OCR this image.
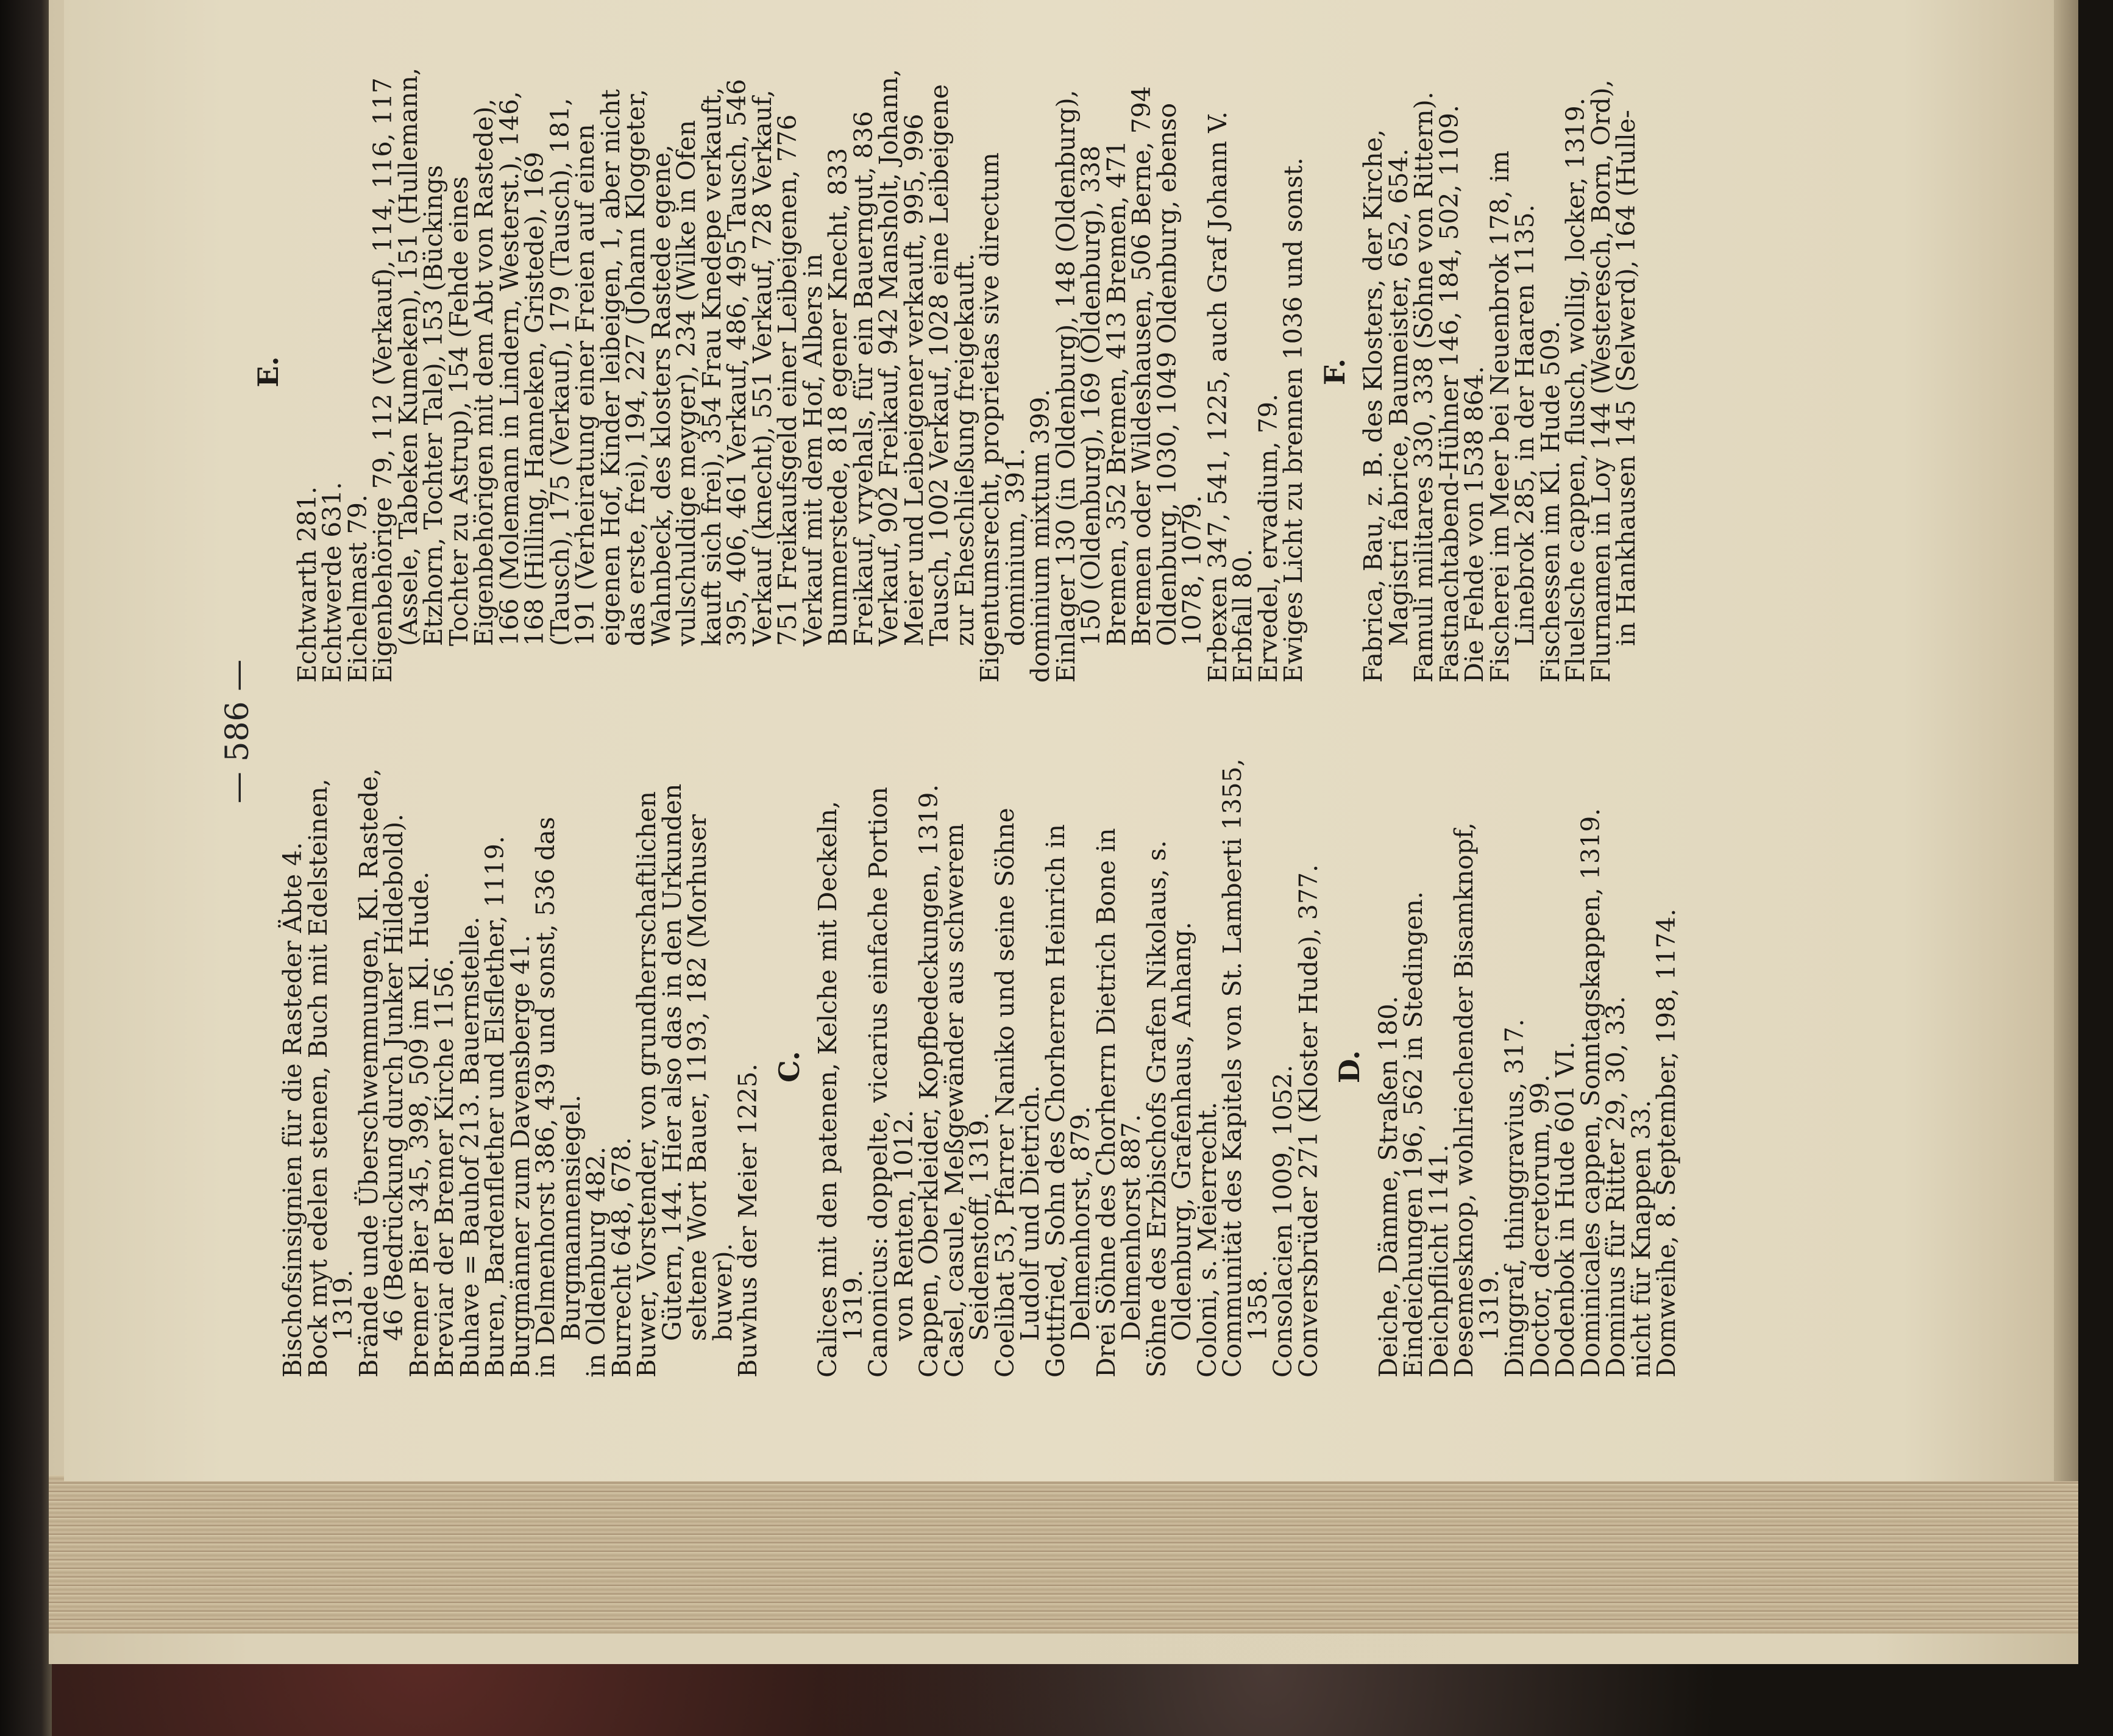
— 586 —

Bischofsinsignien für die Rasteder Äbte 4.

Bock myt edelen stenen, Buch mit Edelsteinen, 1319.

Brände unde Überschwemmungen, Kl. Rastede, 46 (Bedrückung durch Junker Hildebold).

Bremer Bier 345, 398, 509 im Kl. Hude.

Breviar der Bremer Kirche 1156.

Buhave = Bauhof 213. Bauernstelle.

Buren, Bardenflether und Elsflether, 1119.

Burgmänner zum Davensberge 41.

in Delmenhorst 386, 439 und sonst, 536 das Burgmannensiegel.

in Oldenburg 482.

Burrecht 648, 678.

Buwer, Vorstender, von grundherrschaftlichen Gütern, 144. Hier also das in den Urkunden seltene Wort Bauer, 1193, 182 (Morhuser buwer).

Buwhus der Meier 1225. C. Calices mit den patenen, Kelche mit Deckeln, 1319.

Canonicus: doppelte, vicarius einfache Portion von Renten, 1012.

Cappen, Oberkleider, Kopfbedeckungen, 1319.

Casel, casule, Meßgewänder aus schwerem Seidenstoff, 1319.

Coelibat 53, Pfarrer Naniko und seine Söhne Ludolf und Dietrich.

Gottfried, Sohn des Chorherren Heinrich in Delmenhorst, 879.

Drei Söhne des Chorherrn Dietrich Bone in Delmenhorst 887.

Söhne des Erzbischofs Grafen Nikolaus, s. Oldenburg, Grafenhaus, Anhang.

Coloni, s. Meierrecht.

Communität des Kapitels von St. Lamberti 1355, 1358.

Consolacien 1009, 1052.

Conversbrüder 271 (Kloster Hude), 377. D. Deiche, Dämme, Straßen 180.

Eindeichungen 196, 562 in Stedingen.

Deichpflicht 1141.

Desemesknop, wohlriechender Bisamknopf, 1319.

Dinggraf, thinggravius, 317.

Doctor, decretorum, 99.

Dodenbok in Hude 601 VI.

Dominicales cappen, Sonntagskappen, 1319.

Dominus für Ritter 29, 30, 33.

nicht für Knappen 33.

Domweihe, 8. September, 198, 1174.

E.

Echtwarth 281.

Echtwerde 631.

Eichelmast 79.

Eigenbehörige 79, 112 (Verkauf), 114, 116, 117 (Assele, Tabeken Kumeken), 151 (Hullemann, Etzhorn, Tochter Tale), 153 (Bückings Tochter zu Astrup), 154 (Fehde eines Eigenbehörigen mit dem Abt von Rastede), 166 (Molemann in Lindern, Westerst.), 146, 168 (Hilling, Hanneken, Gristede), 169 (Tausch), 175 (Verkauf), 179 (Tausch), 181, 191 (Verheiratung einer Freien auf einen eigenen Hof, Kinder leibeigen, 1, aber nicht das erste, frei), 194, 227 (Johann Kloggeter, Wahnbeck, des klosters Rastede egene, vulschuldige meyger), 234 (Wilke in Ofen kauft sich frei), 354 Frau Knedepe verkauft, 395, 406, 461 Verkauf, 486, 495 Tausch, 546 Verkauf (knecht), 551 Verkauf, 728 Verkauf, 751 Freikaufsgeld einer Leibeigenen, 776 Verkauf mit dem Hof, Albers in Bummerstede, 818 egener Knecht, 833 Freikauf, vryehals, für ein Bauerngut, 836 Verkauf, 902 Freikauf, 942 Mansholt, Johann, Meier und Leibeigener verkauft, 995, 996 Tausch, 1002 Verkauf, 1028 eine Leibeigene zur Eheschließung freigekauft.

Eigentumsrecht, proprietas sive directum dominium, 391.

dominium mixtum 399.

Einlager 130 (in Oldenburg), 148 (Oldenburg), 150 (Oldenburg), 169 (Oldenburg), 338 Bremen, 352 Bremen, 413 Bremen, 471 Bremen oder Wildeshausen, 506 Berne, 794 Oldenburg, 1030, 1049 Oldenburg, ebenso 1078, 1079.

Erbexen 347, 541, 1225, auch Graf Johann V.

Erbfall 80.

Ervedel, ervadium, 79.

Ewiges Licht zu brennen 1036 und sonst. F. Fabrica, Bau, z. B. des Klosters, der Kirche, Magistri fabrice, Baumeister, 652, 654.

Famuli militares 330, 338 (Söhne von Rittern).

Fastnachtabend-Hühner 146, 184, 502, 1109.

Die Fehde von 1538 864.

Fischerei im Meer bei Neuenbrok 178, im Linebrok 285, in der Haaren 1135.

Fischessen im Kl. Hude 509.

Fluelsche cappen, flusch, wollig, locker, 1319.

Flurnamen in Loy 144 (Westeresch, Born, Ord), in Hankhausen 145 (Selwerd), 164 (Hulle-
